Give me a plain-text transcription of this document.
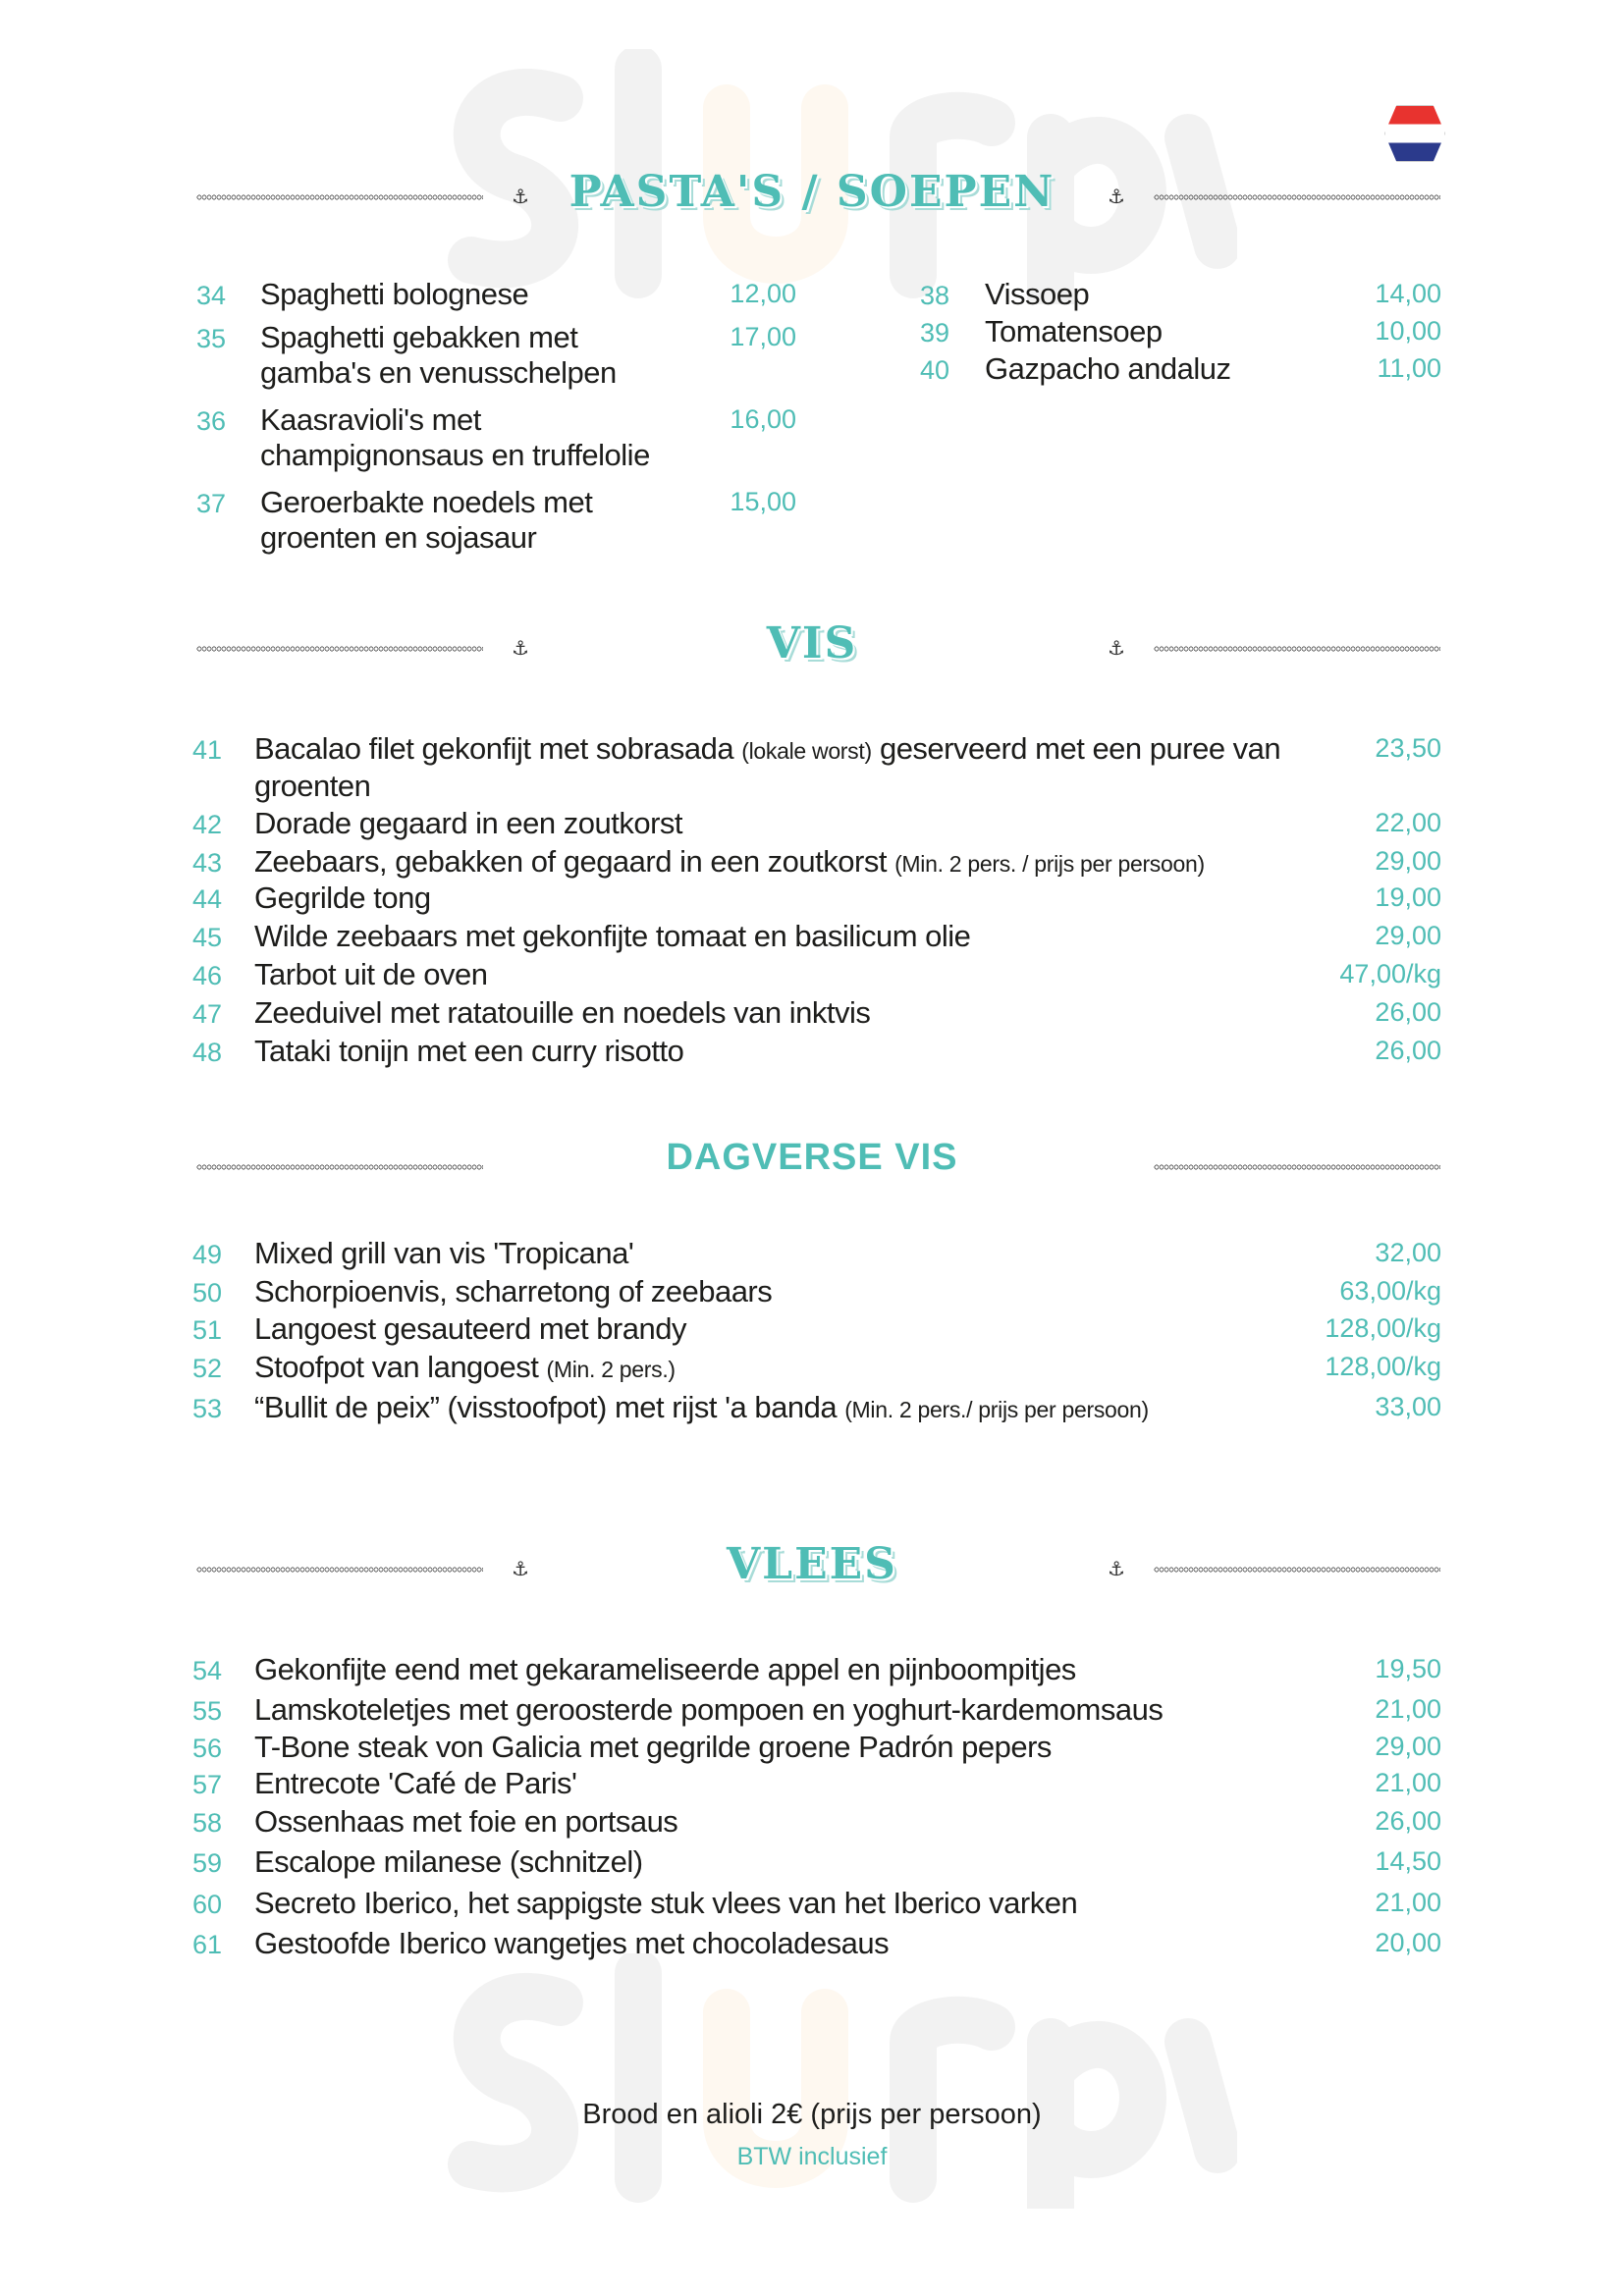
⚓	⚓
PASTA'S / SOEPEN
34	Spaghetti bolognese	12,00
35	Spaghetti gebakken met gamba's en venusschelpen
17,00
36	Kaasravioli's met champignonsaus en truffelolie
16,00
37	Geroerbakte noedels met groenten en sojasaur
15,00
38	Vissoep	14,00
39	Tomatensoep	10,00
40	Gazpacho andaluz	11,00
⚓	⚓
VIS
41	Bacalao filet gekonfijt met sobrasada (lokale worst) geserveerd met een puree van groenten
23,50
42	Dorade gegaard in een zoutkorst	22,00
43	Zeebaars, gebakken of gegaard in een zoutkorst (Min. 2 pers. / prijs per persoon)	29,00
44	Gegrilde tong	19,00
45	Wilde zeebaars met gekonfijte tomaat en basilicum olie	29,00
46	Tarbot uit de oven	47,00/kg
47	Zeeduivel met ratatouille en noedels van inktvis	26,00
48	Tataki tonijn met een curry risotto	26,00
DAGVERSE VIS
49	Mixed grill van vis 'Tropicana'	32,00
50	Schorpioenvis, scharretong of zeebaars	63,00/kg
51	Langoest gesauteerd met brandy	128,00/kg
52	Stoofpot van langoest (Min. 2 pers.)	128,00/kg
53	“Bullit de peix” (visstoofpot) met rijst 'a banda (Min. 2 pers./ prijs per persoon)	33,00
⚓	⚓
VLEES
54	Gekonfijte eend met gekarameliseerde appel en pijnboompitjes	19,50
55	Lamskoteletjes met geroosterde pompoen en yoghurt-kardemomsaus	21,00
56	T-Bone steak von Galicia met gegrilde groene Padrón pepers	29,00
57	Entrecote 'Café de Paris'	21,00
58	Ossenhaas met foie en portsaus	26,00
59	Escalope milanese (schnitzel)	14,50
60	Secreto Iberico, het sappigste stuk vlees van het Iberico varken	21,00
61	Gestoofde Iberico wangetjes met chocoladesaus	20,00
Brood en alioli 2€ (prijs per persoon)
BTW inclusief
